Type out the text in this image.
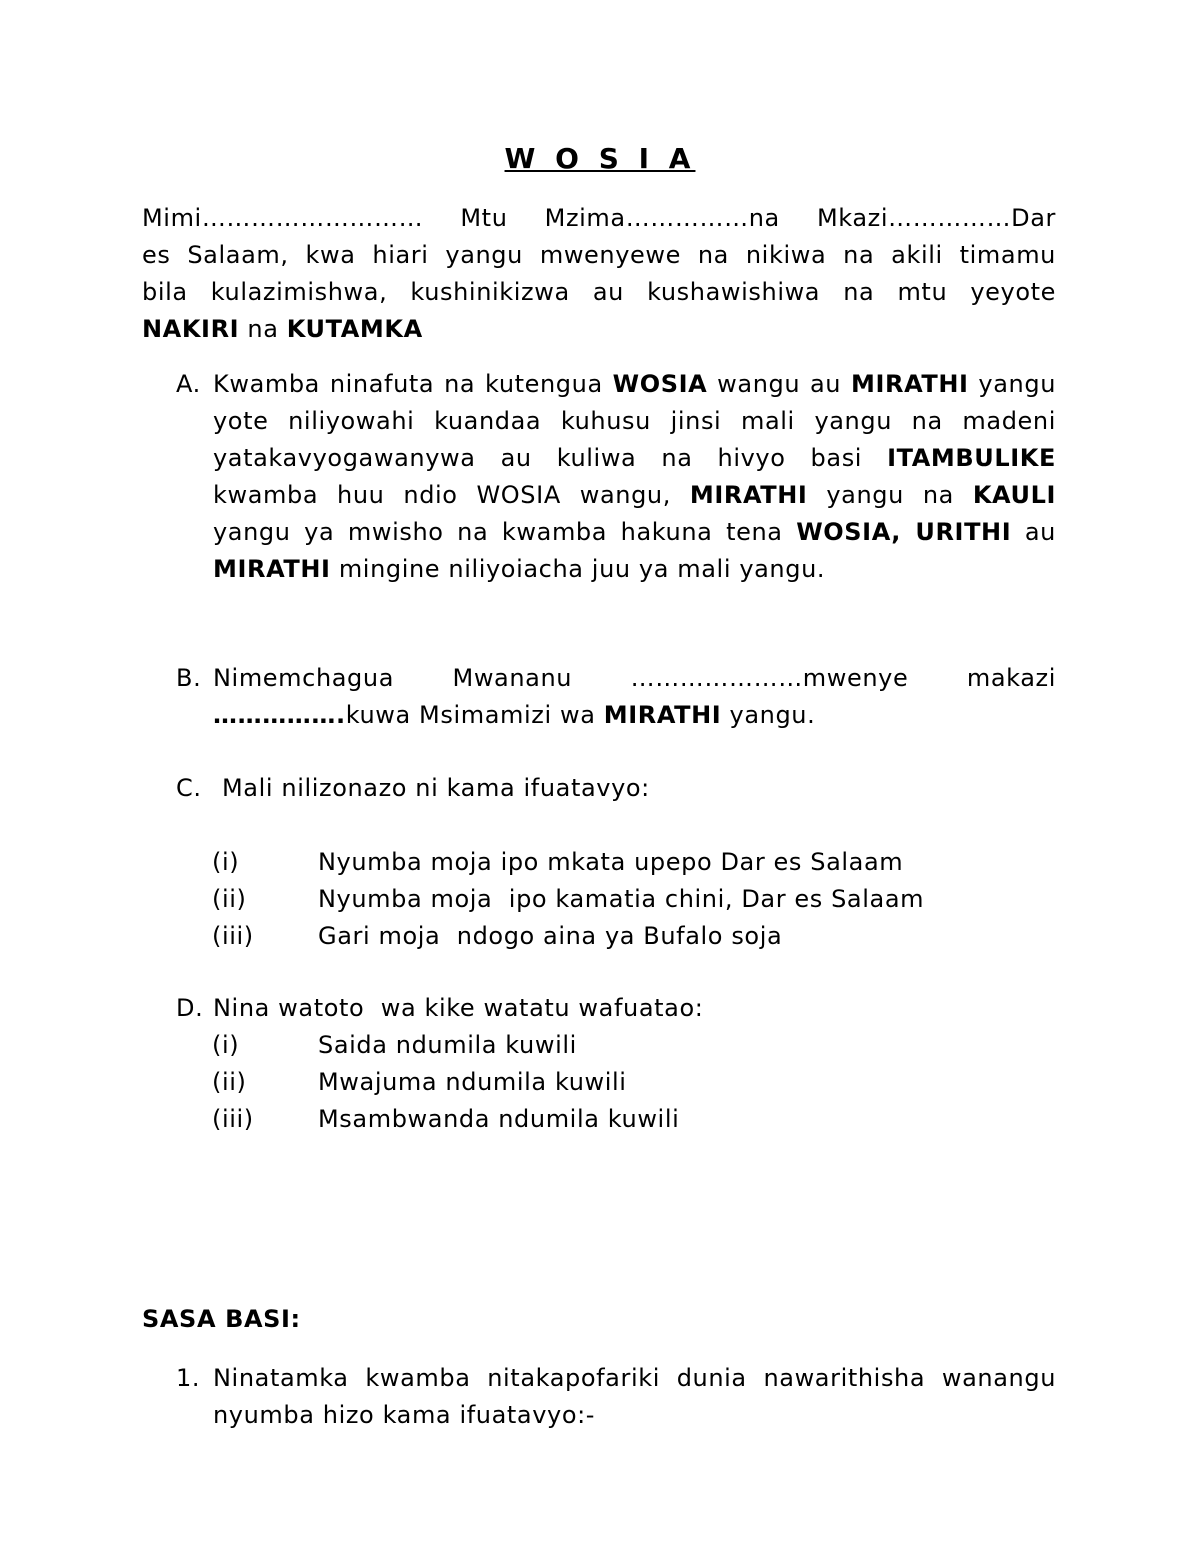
W O S I A
Mimi……………………… Mtu Mzima……………na Mkazi……………Dar
es Salaam, kwa hiari yangu mwenyewe na nikiwa na akili timamu
bila kulazimishwa, kushinikizwa au kushawishiwa na mtu yeyote
NAKIRI na KUTAMKA
A. Kwamba ninafuta na kutengua WOSIA wangu au MIRATHI yangu yote niliyowahi kuandaa kuhusu jinsi mali yangu na madeni yatakavyogawanywa au kuliwa na hivyo basi ITAMBULIKE kwamba huu ndio WOSIA wangu, MIRATHI yangu na KAULI yangu ya mwisho na kwamba hakuna tena WOSIA, URITHI au MIRATHI mingine niliyoiacha juu ya mali yangu.
B. Nimemchagua Mwananu …………………mwenye makazi
…………….kuwa Msimamizi wa MIRATHI yangu.
C. Mali nilizonazo ni kama ifuatavyo:
(i)	Nyumba moja ipo mkata upepo Dar es Salaam
(ii)	Nyumba moja  ipo kamatia chini, Dar es Salaam
(iii)	Gari moja  ndogo aina ya Bufalo soja
D. Nina watoto  wa kike watatu wafuatao:
(i)	Saida ndumila kuwili
(ii)	Mwajuma ndumila kuwili
(iii)	Msambwanda ndumila kuwili
SASA BASI:
1. Ninatamka kwamba nitakapofariki dunia nawarithisha wanangu nyumba hizo kama ifuatavyo:-
